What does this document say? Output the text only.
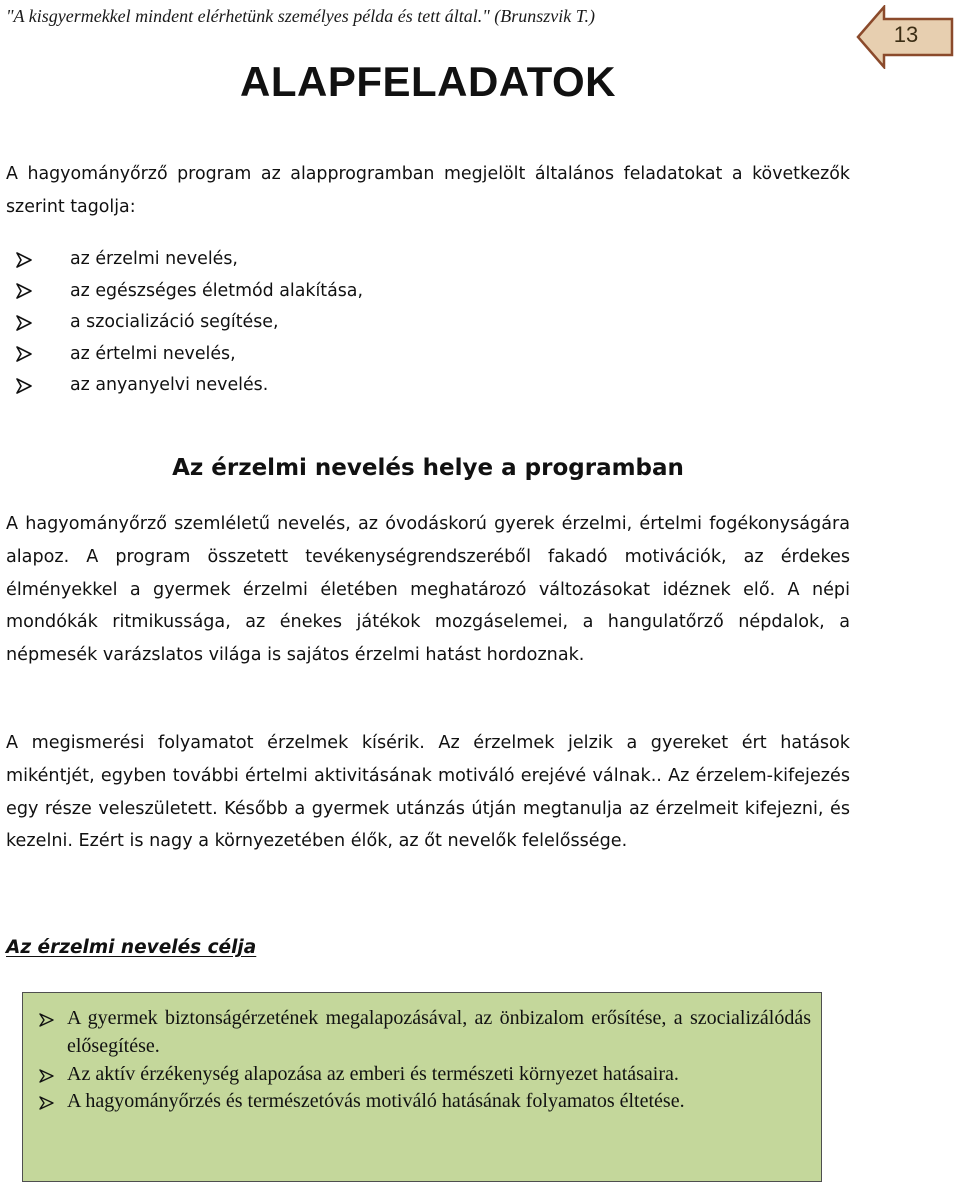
"A kisgyermekkel mindent elérhetünk személyes példa és tett által." (Brunszvik T.)
13
ALAPFELADATOK

A hagyományőrző program az alapprogramban megjelölt általános feladatokat a következők szerint tagolja:

az érzelmi nevelés,
az egészséges életmód alakítása,
a szocializáció segítése,
az értelmi nevelés,
az anyanyelvi nevelés.
Az érzelmi nevelés helye a programban

A hagyományőrző szemléletű nevelés, az óvodáskorú gyerek érzelmi, értelmi fogékonyságára alapoz. A program összetett tevékenységrendszeréből fakadó motivációk, az érdekes élményekkel a gyermek érzelmi életében meghatározó változásokat idéznek elő. A népi mondókák ritmikussága, az énekes játékok mozgáselemei, a hangulatőrző népdalok, a népmesék varázslatos világa is sajátos érzelmi hatást hordoznak.

A megismerési folyamatot érzelmek kísérik. Az érzelmek jelzik a gyereket ért hatások mikéntjét, egyben további értelmi aktivitásának motiváló erejévé válnak.. Az érzelem-kifejezés egy része veleszületett. Később a gyermek utánzás útján megtanulja az érzelmeit kifejezni, és kezelni. Ezért is nagy a környezetében élők, az őt nevelők felelőssége.

Az érzelmi nevelés célja
A gyermek biztonságérzetének megalapozásával, az önbizalom erősítése, a szocializálódás elősegítése.
Az aktív érzékenység alapozása az emberi és természeti környezet hatásaira.
A hagyományőrzés és természetóvás motiváló hatásának folyamatos éltetése.
